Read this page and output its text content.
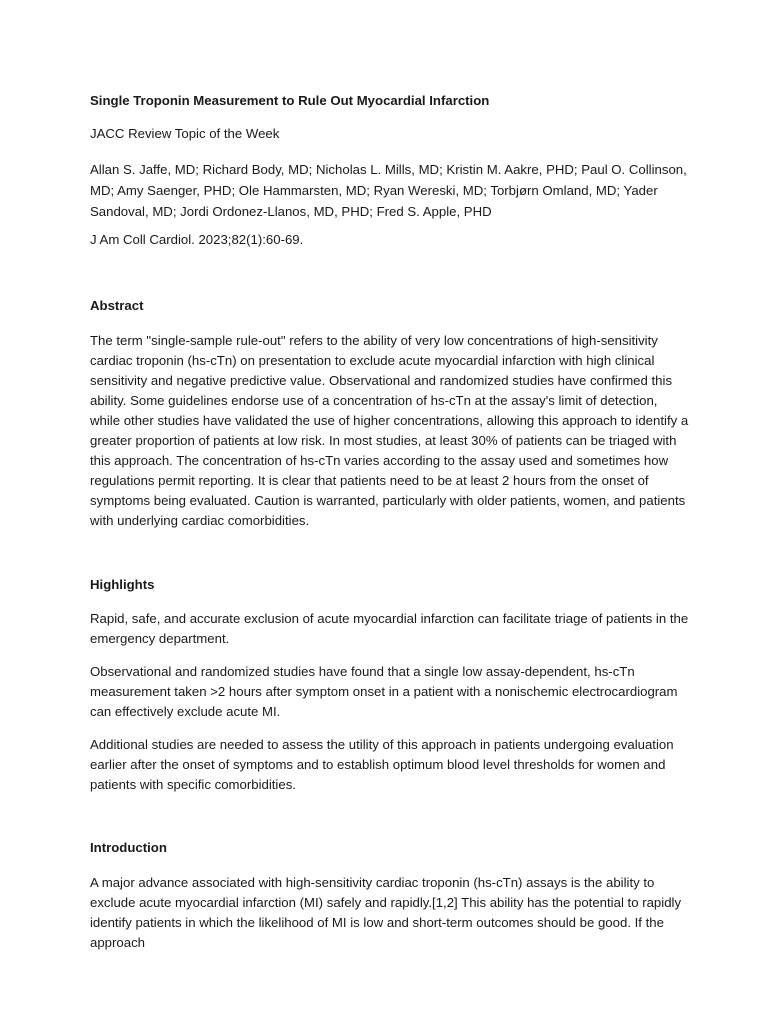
Single Troponin Measurement to Rule Out Myocardial Infarction

JACC Review Topic of the Week

Allan S. Jaffe, MD; Richard Body, MD; Nicholas L. Mills, MD; Kristin M. Aakre, PHD; Paul O. Collinson, MD; Amy Saenger, PHD; Ole Hammarsten, MD; Ryan Wereski, MD; Torbjørn Omland, MD; Yader Sandoval, MD; Jordi Ordonez-Llanos, MD, PHD; Fred S. Apple, PHD

J Am Coll Cardiol. 2023;82(1):60-69.

Abstract

The term "single-sample rule-out" refers to the ability of very low concentrations of high-sensitivity cardiac troponin (hs-cTn) on presentation to exclude acute myocardial infarction with high clinical sensitivity and negative predictive value. Observational and randomized studies have confirmed this ability. Some guidelines endorse use of a concentration of hs-cTn at the assay's limit of detection, while other studies have validated the use of higher concentrations, allowing this approach to identify a greater proportion of patients at low risk. In most studies, at least 30% of patients can be triaged with this approach. The concentration of hs-cTn varies according to the assay used and sometimes how regulations permit reporting. It is clear that patients need to be at least 2 hours from the onset of symptoms being evaluated. Caution is warranted, particularly with older patients, women, and patients with underlying cardiac comorbidities.

Highlights

Rapid, safe, and accurate exclusion of acute myocardial infarction can facilitate triage of patients in the emergency department.

Observational and randomized studies have found that a single low assay-dependent, hs-cTn measurement taken >2 hours after symptom onset in a patient with a nonischemic electrocardiogram can effectively exclude acute MI.

Additional studies are needed to assess the utility of this approach in patients undergoing evaluation earlier after the onset of symptoms and to establish optimum blood level thresholds for women and patients with specific comorbidities.

Introduction

A major advance associated with high-sensitivity cardiac troponin (hs-cTn) assays is the ability to exclude acute myocardial infarction (MI) safely and rapidly.[1,2] This ability has the potential to rapidly identify patients in which the likelihood of MI is low and short-term outcomes should be good. If the approach
